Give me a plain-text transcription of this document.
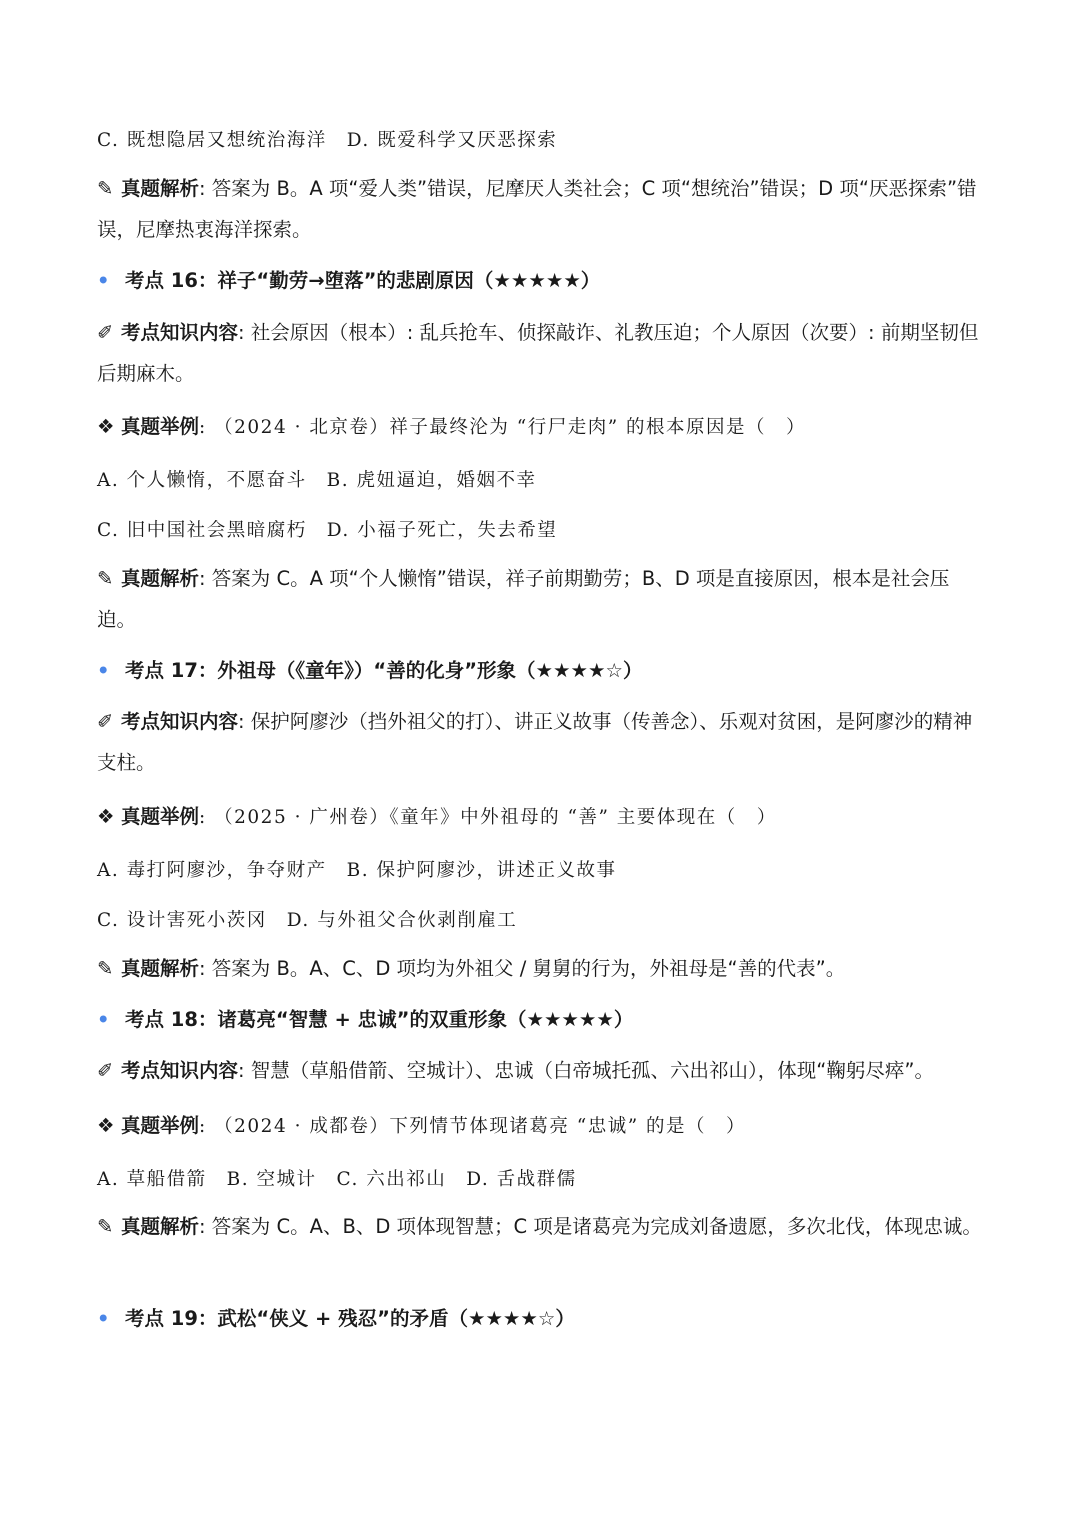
C. 既想隐居又想统治海洋　D. 既爱科学又厌恶探索
✎ 真题解析: 答案为 B。A 项“爱人类”错误，尼摩厌人类社会；C 项“想统治”错误；D 项“厌恶探索”错误，尼摩热衷海洋探索。
• 考点 16：祥子“勤劳→堕落”的悲剧原因（★★★★★）
✐ 考点知识内容: 社会原因（根本）: 乱兵抢车、侦探敲诈、礼教压迫；个人原因（次要）: 前期坚韧但后期麻木。
❖ 真题举例: （2024 · 北京卷）祥子最终沦为 “行尸走肉” 的根本原因是（　）
A. 个人懒惰，不愿奋斗　B. 虎妞逼迫，婚姻不幸
C. 旧中国社会黑暗腐朽　D. 小福子死亡，失去希望
✎ 真题解析: 答案为 C。A 项“个人懒惰”错误，祥子前期勤劳；B、D 项是直接原因，根本是社会压迫。
• 考点 17：外祖母（《童年》）“善的化身”形象（★★★★☆）
✐ 考点知识内容: 保护阿廖沙（挡外祖父的打）、讲正义故事（传善念）、乐观对贫困，是阿廖沙的精神支柱。
❖ 真题举例: （2025 · 广州卷）《童年》中外祖母的 “善” 主要体现在（　）
A. 毒打阿廖沙，争夺财产　B. 保护阿廖沙，讲述正义故事
C. 设计害死小茨冈　D. 与外祖父合伙剥削雇工
✎ 真题解析: 答案为 B。A、C、D 项均为外祖父 / 舅舅的行为，外祖母是“善的代表”。
• 考点 18：诸葛亮“智慧 + 忠诚”的双重形象（★★★★★）
✐ 考点知识内容: 智慧（草船借箭、空城计）、忠诚（白帝城托孤、六出祁山），体现“鞠躬尽瘁”。
❖ 真题举例: （2024 · 成都卷）下列情节体现诸葛亮 “忠诚” 的是（　）
A. 草船借箭　B. 空城计　C. 六出祁山　D. 舌战群儒
✎ 真题解析: 答案为 C。A、B、D 项体现智慧；C 项是诸葛亮为完成刘备遗愿，多次北伐，体现忠诚。
• 考点 19：武松“侠义 + 残忍”的矛盾（★★★★☆）
